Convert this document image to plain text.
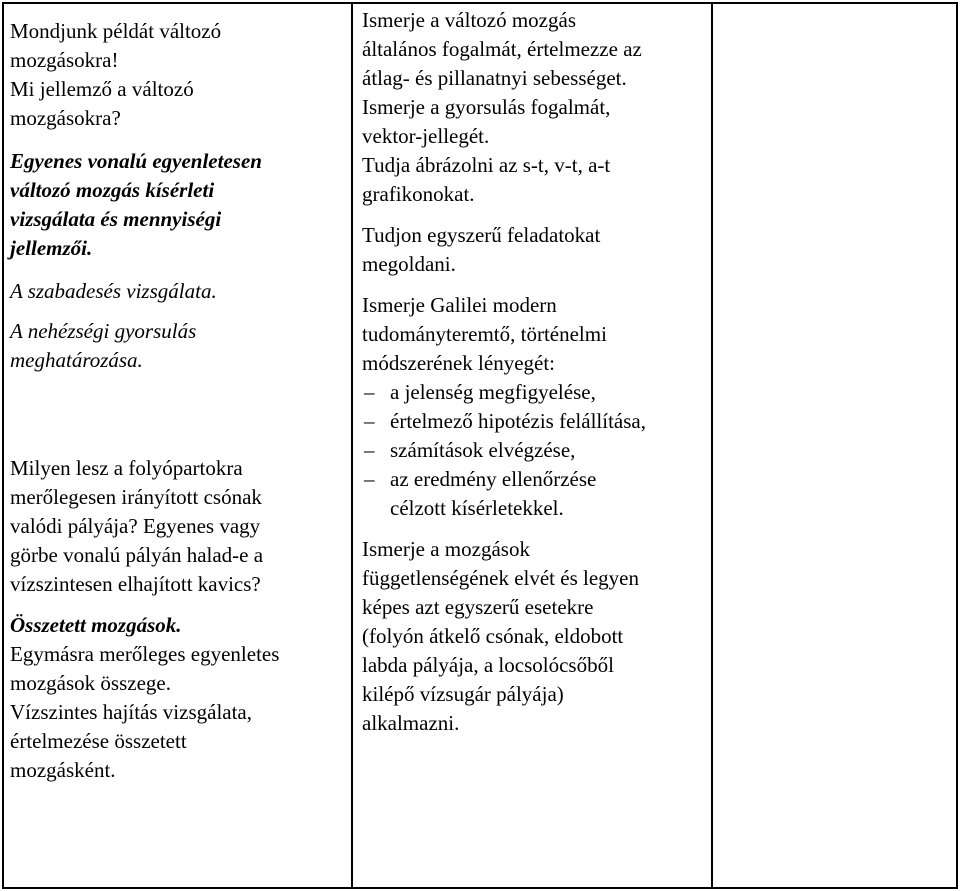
Mondjunk példát változó
mozgásokra!
Mi jellemző a változó
mozgásokra?
Egyenes vonalú egyenletesen
változó mozgás kísérleti
vizsgálata és mennyiségi
jellemzői.
A szabadesés vizsgálata.
A nehézségi gyorsulás
meghatározása.
Milyen lesz a folyópartokra
merőlegesen irányított csónak
valódi pályája? Egyenes vagy
görbe vonalú pályán halad-e a
vízszintesen elhajított kavics?
Összetett mozgások.
Egymásra merőleges egyenletes
mozgások összege.
Vízszintes hajítás vizsgálata,
értelmezése összetett
mozgásként.
Ismerje a változó mozgás
általános fogalmát, értelmezze az
átlag- és pillanatnyi sebességet.
Ismerje a gyorsulás fogalmát,
vektor-jellegét.
Tudja ábrázolni az s-t, v-t, a-t
grafikonokat.
Tudjon egyszerű feladatokat
megoldani.
Ismerje Galilei modern
tudományteremtő, történelmi
módszerének lényegét:
– a jelenség megfigyelése,
– értelmező hipotézis felállítása,
– számítások elvégzése,
– az eredmény ellenőrzése
célzott kísérletekkel.
Ismerje a mozgások
függetlenségének elvét és legyen
képes azt egyszerű esetekre
(folyón átkelő csónak, eldobott
labda pályája, a locsolócsőből
kilépő vízsugár pályája)
alkalmazni.
